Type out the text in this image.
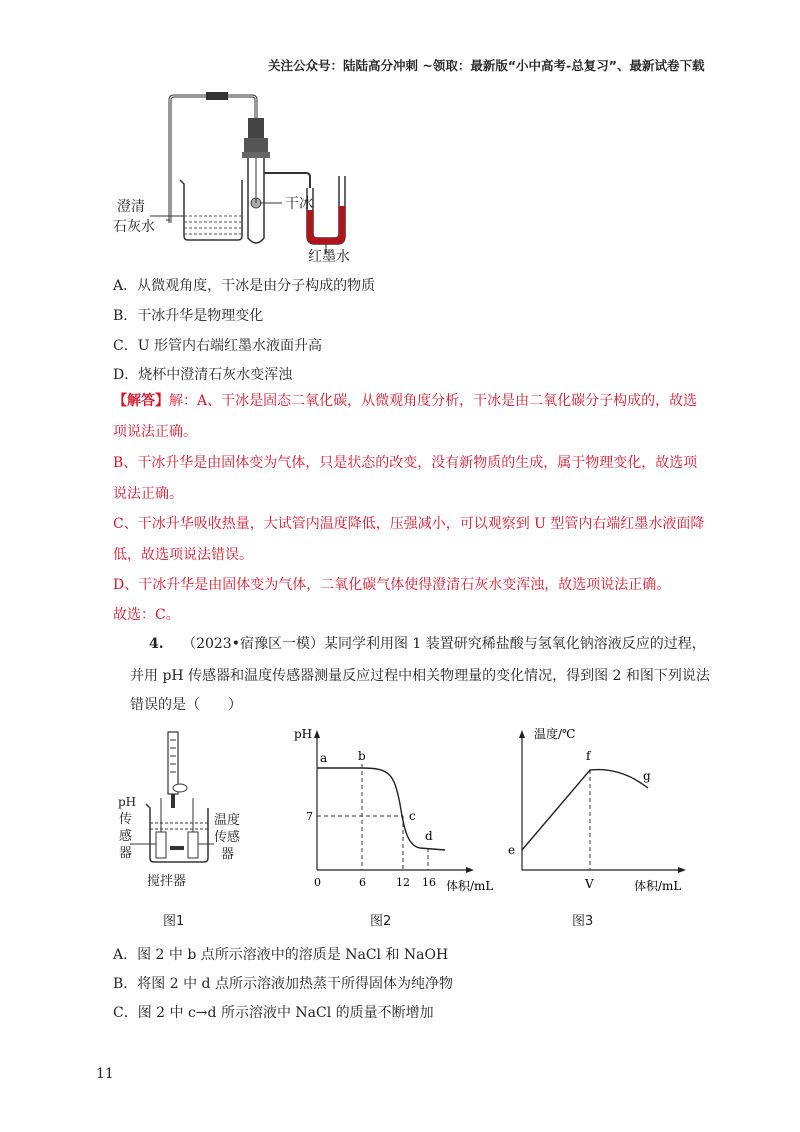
关注公众号：陆陆高分冲刺 ~领取：最新版“小中高考-总复习”、最新试卷下载
澄清
石灰水
干冰
红墨水
A．从微观角度，干冰是由分子构成的物质
B．干冰升华是物理变化
C．U 形管内右端红墨水液面升高
D．烧杯中澄清石灰水变浑浊
【解答】解：A、干冰是固态二氧化碳，从微观角度分析，干冰是由二氧化碳分子构成的，故选
项说法正确。
B、干冰升华是由固体变为气体，只是状态的改变，没有新物质的生成，属于物理变化，故选项
说法正确。
C、干冰升华吸收热量，大试管内温度降低，压强减小，可以观察到 U 型管内右端红墨水液面降
低，故选项说法错误。
D、干冰升华是由固体变为气体，二氧化碳气体使得澄清石灰水变浑浊，故选项说法正确。
故选：C。
4. （2023•宿豫区一模）某同学利用图 1 装置研究稀盐酸与氢氧化钠溶液反应的过程，
并用 pH 传感器和温度传感器测量反应过程中相关物理量的变化情况，得到图 2 和图下列说法
错误的是（　　）
pH
传
感
器
温度
传感
器
搅拌器
图1
pH
体积/mL
7
0	6	12 16
a	b
c
d
图2
温度/℃
体积/mL
V
e
f
g
图3
A．图 2 中 b 点所示溶液中的溶质是 NaCl 和 NaOH
B．将图 2 中 d 点所示溶液加热蒸干所得固体为纯净物
C．图 2 中 c→d 所示溶液中 NaCl 的质量不断增加
11
